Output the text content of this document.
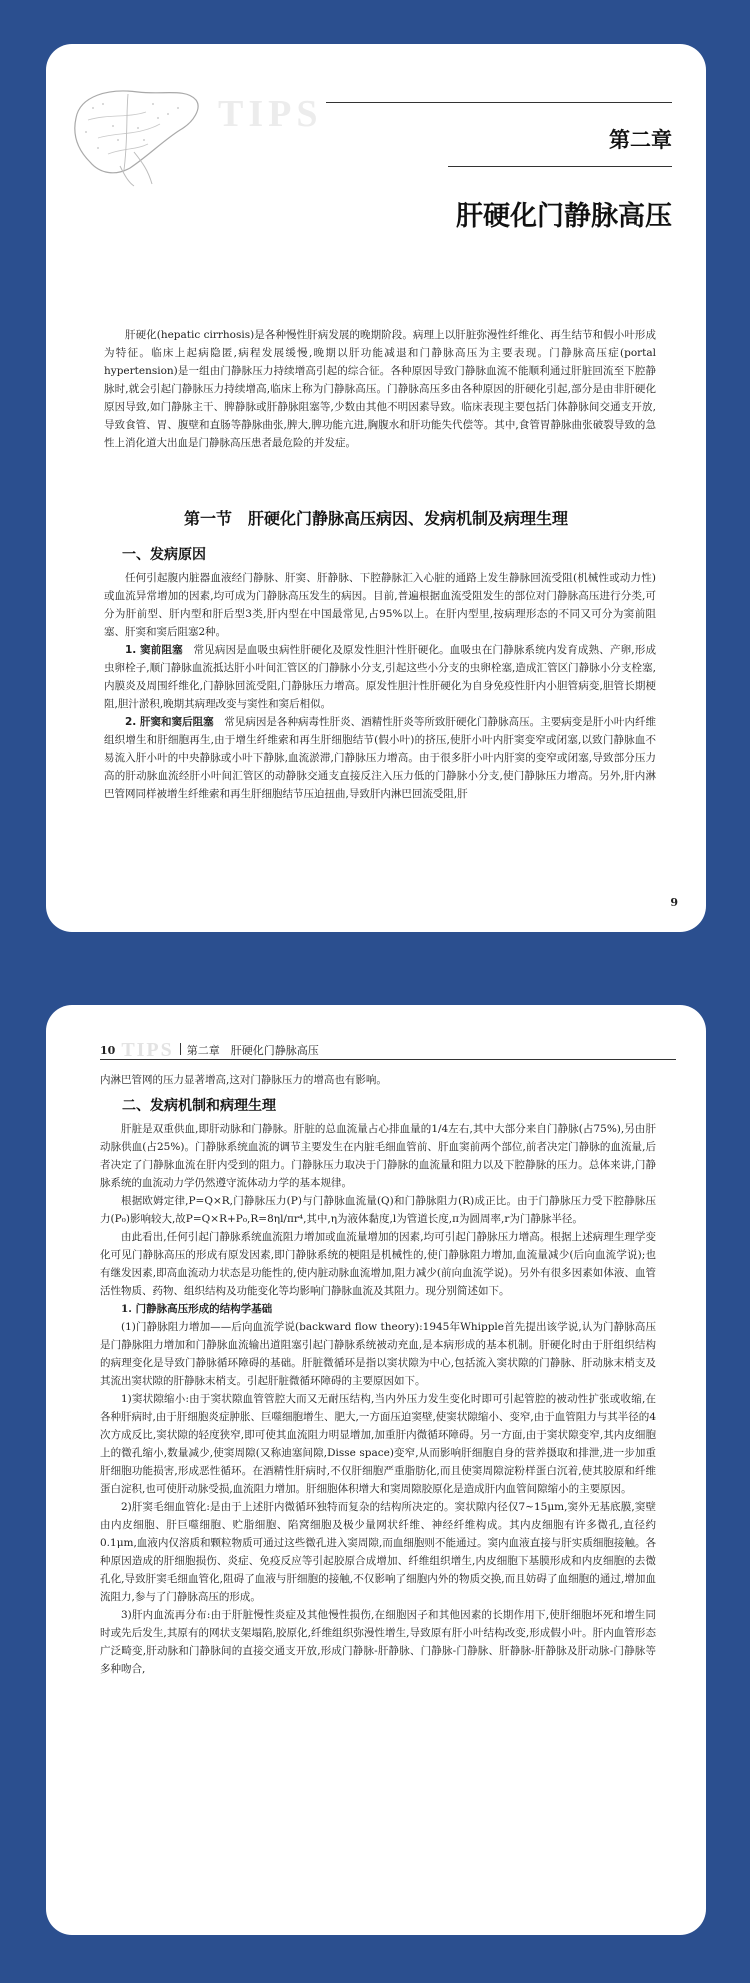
TIPS
第二章
肝硬化门静脉高压

肝硬化(hepatic cirrhosis)是各种慢性肝病发展的晚期阶段。病理上以肝脏弥漫性纤维化、再生结节和假小叶形成为特征。临床上起病隐匿,病程发展缓慢,晚期以肝功能减退和门静脉高压为主要表现。门静脉高压症(portal hypertension)是一组由门静脉压力持续增高引起的综合征。各种原因导致门静脉血流不能顺利通过肝脏回流至下腔静脉时,就会引起门静脉压力持续增高,临床上称为门静脉高压。门静脉高压多由各种原因的肝硬化引起,部分是由非肝硬化原因导致,如门静脉主干、脾静脉或肝静脉阻塞等,少数由其他不明因素导致。临床表现主要包括门体静脉间交通支开放,导致食管、胃、腹壁和直肠等静脉曲张,脾大,脾功能亢进,胸腹水和肝功能失代偿等。其中,食管胃静脉曲张破裂导致的急性上消化道大出血是门静脉高压患者最危险的并发症。

第一节　肝硬化门静脉高压病因、发病机制及病理生理
一、发病原因

任何引起腹内脏器血液经门静脉、肝窦、肝静脉、下腔静脉汇入心脏的通路上发生静脉回流受阻(机械性或动力性)或血流异常增加的因素,均可成为门静脉高压发生的病因。目前,普遍根据血流受阻发生的部位对门静脉高压进行分类,可分为肝前型、肝内型和肝后型3类,肝内型在中国最常见,占95%以上。在肝内型里,按病理形态的不同又可分为窦前阻塞、肝窦和窦后阻塞2种。

1. 窦前阻塞　 常见病因是血吸虫病性肝硬化及原发性胆汁性肝硬化。血吸虫在门静脉系统内发育成熟、产卵,形成虫卵栓子,顺门静脉血流抵达肝小叶间汇管区的门静脉小分支,引起这些小分支的虫卵栓塞,造成汇管区门静脉小分支栓塞,内膜炎及周围纤维化,门静脉回流受阻,门静脉压力增高。原发性胆汁性肝硬化为自身免疫性肝内小胆管病变,胆管长期梗阻,胆汁淤积,晚期其病理改变与窦性和窦后相似。

2. 肝窦和窦后阻塞　 常见病因是各种病毒性肝炎、酒精性肝炎等所致肝硬化门静脉高压。主要病变是肝小叶内纤维组织增生和肝细胞再生,由于增生纤维索和再生肝细胞结节(假小叶)的挤压,使肝小叶内肝窦变窄或闭塞,以致门静脉血不易流入肝小叶的中央静脉或小叶下静脉,血流淤滞,门静脉压力增高。由于很多肝小叶内肝窦的变窄或闭塞,导致部分压力高的肝动脉血流经肝小叶间汇管区的动静脉交通支直接反注入压力低的门静脉小分支,使门静脉压力增高。另外,肝内淋巴管网同样被增生纤维索和再生肝细胞结节压迫扭曲,导致肝内淋巴回流受阻,肝

9
10 TIPS 第二章　肝硬化门静脉高压

内淋巴管网的压力显著增高,这对门静脉压力的增高也有影响。

二、发病机制和病理生理

肝脏是双重供血,即肝动脉和门静脉。肝脏的总血流量占心排血量的1/4左右,其中大部分来自门静脉(占75%),另由肝动脉供血(占25%)。门静脉系统血流的调节主要发生在内脏毛细血管前、肝血窦前两个部位,前者决定门静脉的血流量,后者决定了门静脉血流在肝内受到的阻力。门静脉压力取决于门静脉的血流量和阻力以及下腔静脉的压力。总体来讲,门静脉系统的血流动力学仍然遵守流体动力学的基本规律。

根据欧姆定律,P=Q×R,门静脉压力(P)与门静脉血流量(Q)和门静脉阻力(R)成正比。由于门静脉压力受下腔静脉压力(P₀)影响较大,故P=Q×R+P₀,R=8ηl/πr⁴,其中,η为液体黏度,l为管道长度,π为圆周率,r为门静脉半径。

由此看出,任何引起门静脉系统血流阻力增加或血流量增加的因素,均可引起门静脉压力增高。根据上述病理生理学变化可见门静脉高压的形成有原发因素,即门静脉系统的梗阻是机械性的,使门静脉阻力增加,血流量减少(后向血流学说);也有继发因素,即高血流动力状态是功能性的,使内脏动脉血流增加,阻力减少(前向血流学说)。另外有很多因素如体液、血管活性物质、药物、组织结构及功能变化等均影响门静脉血流及其阻力。现分别简述如下。

1. 门静脉高压形成的结构学基础

(1)门静脉阻力增加——后向血流学说(backward flow theory):1945年Whipple首先提出该学说,认为门静脉高压是门静脉阻力增加和门静脉血流输出道阻塞引起门静脉系统被动充血,是本病形成的基本机制。肝硬化时由于肝组织结构的病理变化是导致门静脉循环障碍的基础。肝脏微循环是指以窦状隙为中心,包括流入窦状隙的门静脉、肝动脉末梢支及其流出窦状隙的肝静脉末梢支。引起肝脏微循环障碍的主要原因如下。

1)窦状隙缩小:由于窦状隙血管管腔大而又无耐压结构,当内外压力发生变化时即可引起管腔的被动性扩张或收缩,在各种肝病时,由于肝细胞炎症肿胀、巨噬细胞增生、肥大,一方面压迫窦壁,使窦状隙缩小、变窄,由于血管阻力与其半径的4次方成反比,窦状隙的轻度狭窄,即可使其血流阻力明显增加,加重肝内微循环障碍。另一方面,由于窦状隙变窄,其内皮细胞上的微孔缩小,数量减少,使窦周隙(又称迪塞间隙,Disse space)变窄,从而影响肝细胞自身的营养摄取和排泄,进一步加重肝细胞功能损害,形成恶性循环。在酒精性肝病时,不仅肝细胞严重脂肪化,而且使窦周隙淀粉样蛋白沉着,使其胶原和纤维蛋白淀积,也可使肝动脉受损,血流阻力增加。肝细胞体积增大和窦周隙胶原化是造成肝内血管间隙缩小的主要原因。

2)肝窦毛细血管化:是由于上述肝内微循环独特而复杂的结构所决定的。窦状隙内径仅7~15μm,窦外无基底膜,窦壁由内皮细胞、肝巨噬细胞、贮脂细胞、陷窝细胞及极少量网状纤维、神经纤维构成。其内皮细胞有许多微孔,直径约0.1μm,血液内仅溶质和颗粒物质可通过这些微孔进入窦周隙,而血细胞则不能通过。窦内血液直接与肝实质细胞接触。各种原因造成的肝细胞损伤、炎症、免疫反应等引起胶原合成增加、纤维组织增生,内皮细胞下基膜形成和内皮细胞的去微孔化,导致肝窦毛细血管化,阻碍了血液与肝细胞的接触,不仅影响了细胞内外的物质交换,而且妨碍了血细胞的通过,增加血流阻力,参与了门静脉高压的形成。

3)肝内血流再分布:由于肝脏慢性炎症及其他慢性损伤,在细胞因子和其他因素的长期作用下,使肝细胞坏死和增生同时或先后发生,其原有的网状支架塌陷,胶原化,纤维组织弥漫性增生,导致原有肝小叶结构改变,形成假小叶。肝内血管形态广泛畸变,肝动脉和门静脉间的直接交通支开放,形成门静脉-肝静脉、门静脉-门静脉、肝静脉-肝静脉及肝动脉-门静脉等多种吻合,
